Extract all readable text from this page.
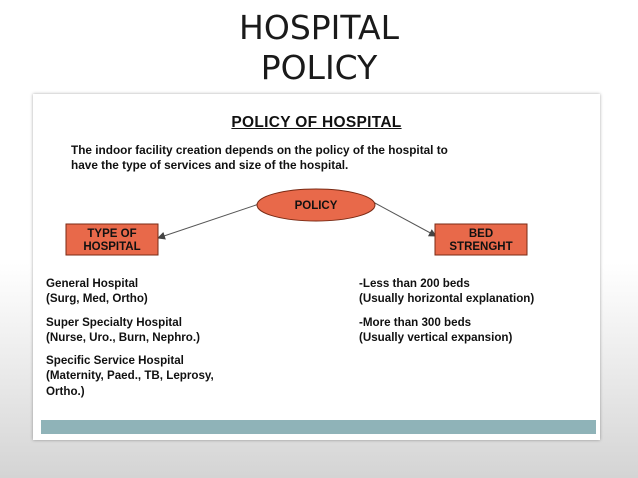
HOSPITAL
POLICY
POLICY OF HOSPITAL
The indoor facility creation depends on the policy of the hospital to
have the type of services and size of the hospital.
POLICY
TYPE OF
HOSPITAL
BED
STRENGHT
General Hospital
(Surg, Med, Ortho)
Super Specialty Hospital
(Nurse, Uro., Burn, Nephro.)
Specific Service Hospital
(Maternity, Paed., TB, Leprosy,
Ortho.)
-Less than 200 beds
(Usually horizontal explanation)
-More than 300 beds
(Usually vertical expansion)
